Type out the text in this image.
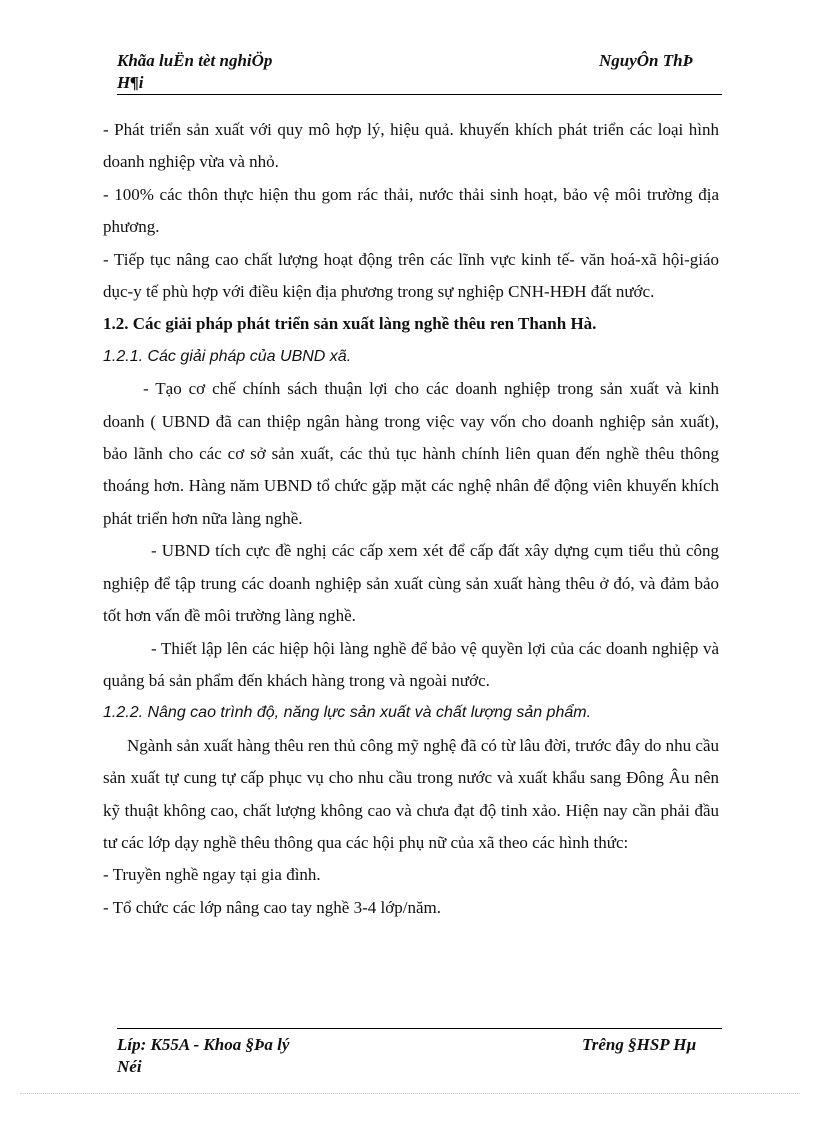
Khãa luËn tèt nghiÖp
H¶i
NguyÔn ThÞ

- Phát triển sản xuất với quy mô hợp lý, hiệu quả. khuyến khích phát triển các loại hình doanh nghiệp vừa và nhỏ.

- 100% các thôn thực hiện thu gom rác thải, nước thải sinh hoạt, bảo vệ môi trường địa phương.

- Tiếp tục nâng cao chất lượng hoạt động trên các lĩnh vực kinh tế- văn hoá-xã hội-giáo dục-y tế phù hợp với điều kiện địa phương trong sự nghiệp CNH-HĐH đất nước.

1.2. Các giải pháp phát triển sản xuất làng nghề thêu ren Thanh Hà.

1.2.1. Các giải pháp của UBND xã.

- Tạo cơ chế chính sách thuận lợi cho các doanh nghiệp trong sản xuất và kinh doanh ( UBND đã can thiệp ngân hàng trong việc vay vốn cho doanh nghiệp sản xuất), bảo lãnh cho các cơ sở sản xuất, các thủ tục hành chính liên quan đến nghề thêu thông thoáng hơn. Hàng năm UBND tổ chức gặp mặt các nghệ nhân để động viên khuyến khích phát triển hơn nữa làng nghề.

- UBND tích cực đề nghị các cấp xem xét để cấp đất xây dựng cụm tiểu thủ công nghiệp để tập trung các doanh nghiệp sản xuất cùng sản xuất hàng thêu ở đó, và đảm bảo tốt hơn vấn đề môi trường làng nghề.

- Thiết lập lên các hiệp hội làng nghề để bảo vệ quyền lợi của các doanh nghiệp và quảng bá sản phẩm đến khách hàng trong và ngoài nước.

1.2.2. Nâng cao trình độ, năng lực sản xuất và chất lượng sản phẩm.

Ngành sản xuất hàng thêu ren thủ công mỹ nghệ đã có từ lâu đời, trước đây do nhu cầu sản xuất tự cung tự cấp phục vụ cho nhu cầu trong nước và xuất khẩu sang Đông Âu nên kỹ thuật không cao, chất lượng không cao và chưa đạt độ tinh xảo. Hiện nay cần phải đầu tư các lớp dạy nghề thêu thông qua các hội phụ nữ của xã theo các hình thức:

- Truyền nghề ngay tại gia đình.

- Tổ chức các lớp nâng cao tay nghề 3-4 lớp/năm.

Líp: K55A - Khoa §Þa lý
Néi
Trêng §HSP Hµ
